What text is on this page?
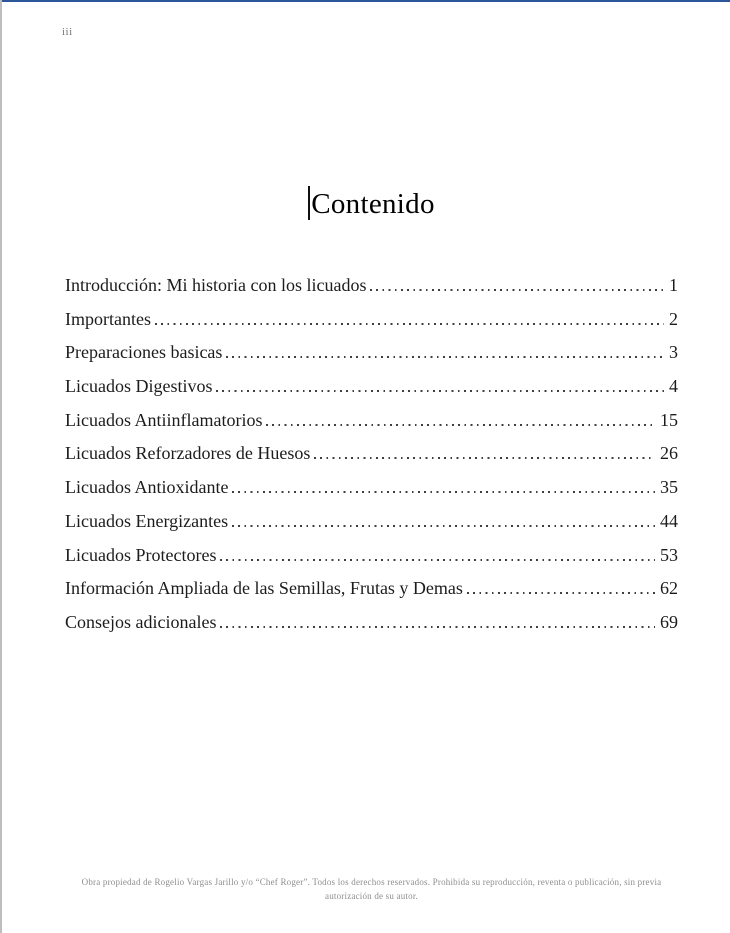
iii
Contenido
Introducción: Mi historia con los licuados	1
Importantes	2
Preparaciones basicas	3
Licuados Digestivos	4
Licuados Antiinflamatorios	15
Licuados Reforzadores de Huesos	26
Licuados Antioxidante	35
Licuados Energizantes	44
Licuados Protectores	53
Información Ampliada de las Semillas, Frutas y Demas	62
Consejos adicionales	69
Obra propiedad de Rogelio Vargas Jarillo y/o “Chef Roger”. Todos los derechos reservados. Prohibida su reproducción, reventa o publicación, sin previa
autorización de su autor.
